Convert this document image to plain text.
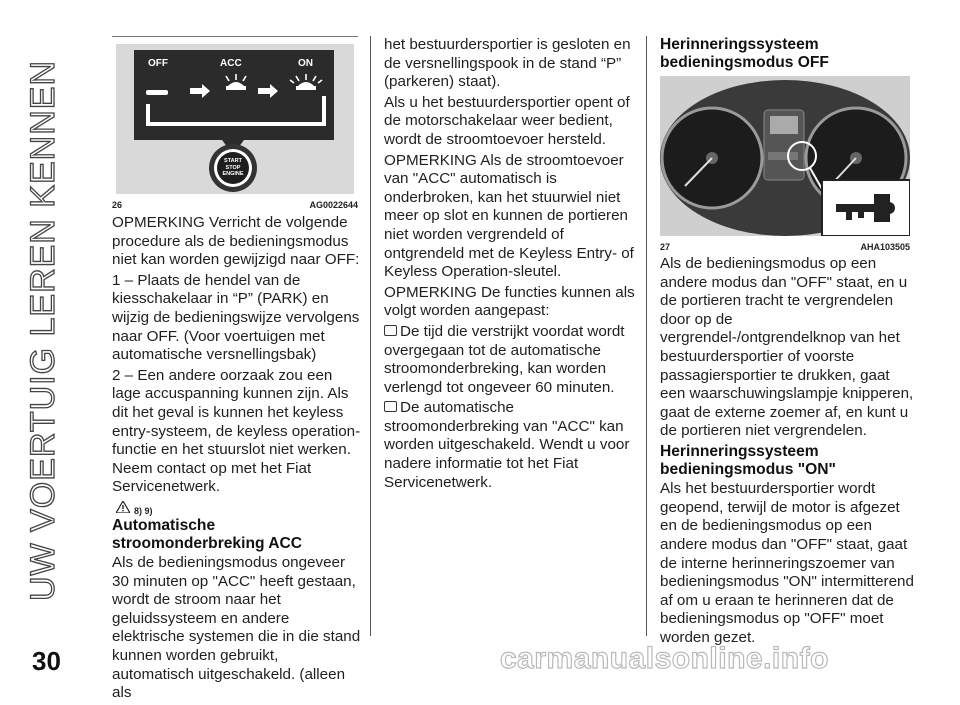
UW VOERTUIG LEREN KENNEN	OFF	ACC	ON
START
STOP
ENGINE
26	AG0022644

OPMERKING Verricht de volgende procedure als de bedieningsmodus niet kan worden gewijzigd naar OFF:

1 – Plaats de hendel van de kiesschakelaar in “P” (PARK) en wijzig de bedieningswijze vervolgens naar OFF. (Voor voertuigen met automatische versnellingsbak)

2 – Een andere oorzaak zou een lage accuspanning kunnen zijn. Als dit het geval is kunnen het keyless entry-systeem, de keyless operation-functie en het stuurslot niet werken. Neem contact op met het Fiat Servicenetwerk.

8) 9)
Automatische stroomonderbreking ACC

Als de bedieningsmodus ongeveer 30 minuten op "ACC" heeft gestaan, wordt de stroom naar het geluidssysteem en andere elektrische systemen die in die stand kunnen worden gebruikt, automatisch uitgeschakeld. (alleen als

het bestuurdersportier is gesloten en de versnellingspook in de stand “P” (parkeren) staat).

Als u het bestuurdersportier opent of de motorschakelaar weer bedient, wordt de stroomtoevoer hersteld.

OPMERKING Als de stroomtoevoer van "ACC" automatisch is onderbroken, kan het stuurwiel niet meer op slot en kunnen de portieren niet worden vergrendeld of ontgrendeld met de Keyless Entry- of Keyless Operation-sleutel.

OPMERKING De functies kunnen als volgt worden aangepast:

De tijd die verstrijkt voordat wordt overgegaan tot de automatische stroomonderbreking, kan worden verlengd tot ongeveer 60 minuten.

De automatische stroomonderbreking van "ACC" kan worden uitgeschakeld. Wendt u voor nadere informatie tot het Fiat Servicenetwerk.

Herinneringssysteem bedieningsmodus OFF
27	AHA103505

Als de bedieningsmodus op een andere modus dan "OFF" staat, en u de portieren tracht te vergrendelen door op de vergrendel-/ontgrendelknop van het bestuurdersportier of voorste passagiersportier te drukken, gaat een waarschuwingslampje knipperen, gaat de externe zoemer af, en kunt u de portieren niet vergrendelen.

Herinneringssysteem bedieningsmodus "ON"

Als het bestuurdersportier wordt geopend, terwijl de motor is afgezet en de bedieningsmodus op een andere modus dan "OFF" staat, gaat de interne herinneringszoemer van bedieningsmodus "ON" intermitterend af om u eraan te herinneren dat de bedieningsmodus op "OFF" moet worden gezet.

30	carmanualsonline.info
